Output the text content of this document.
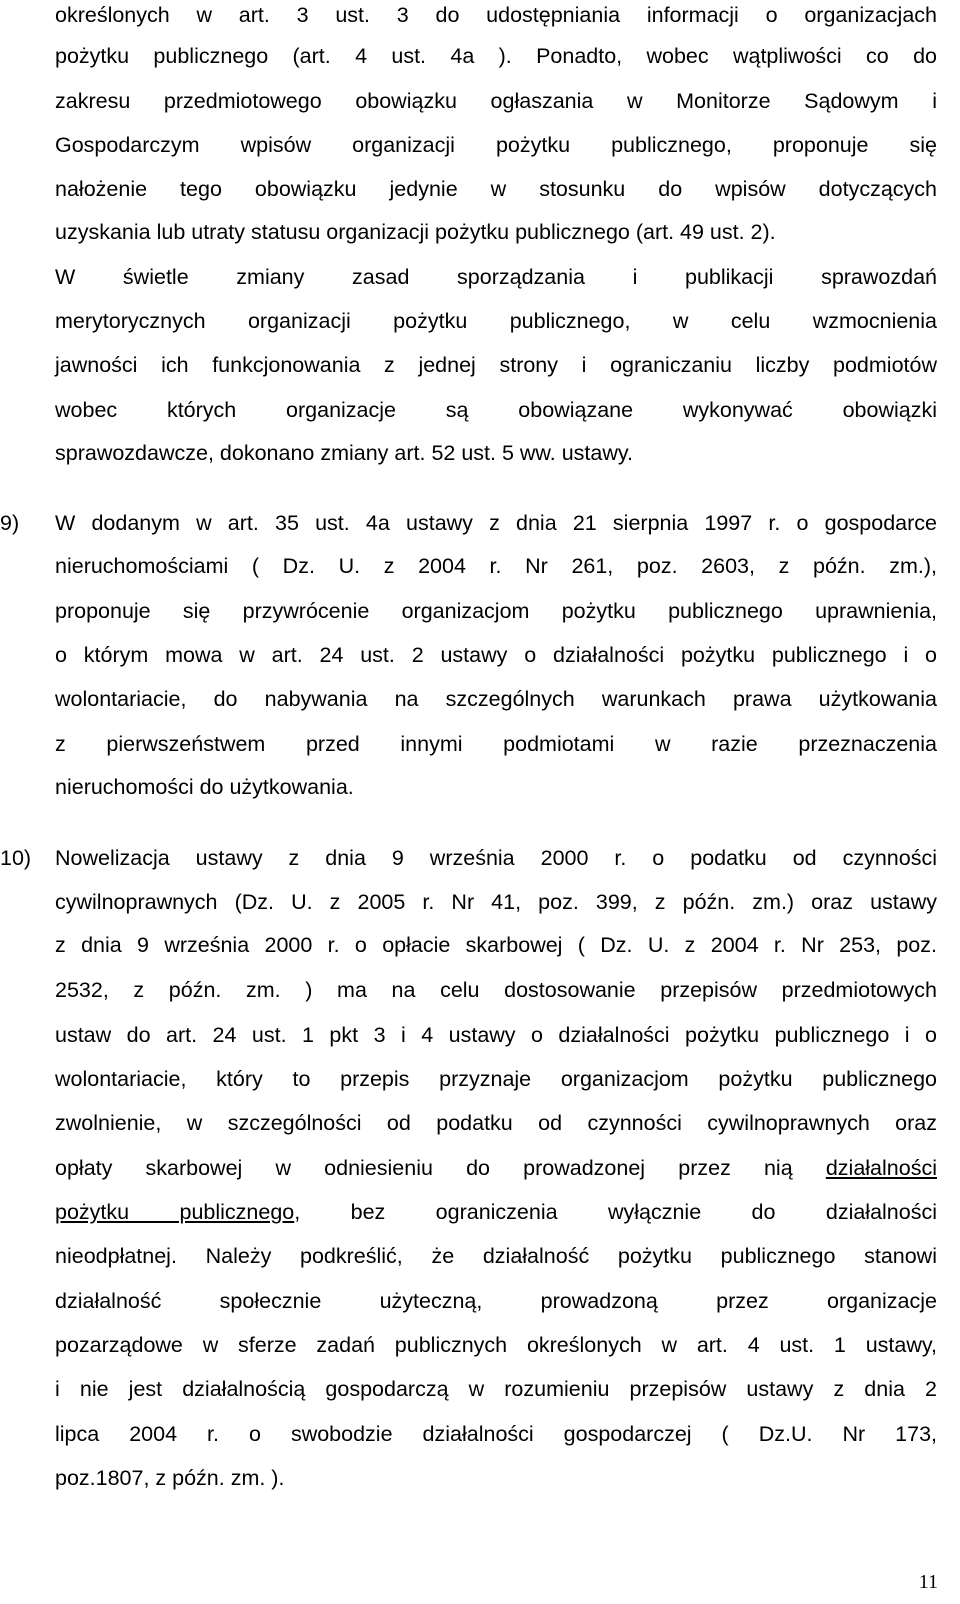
określonych w art. 3 ust. 3 do udostępniania informacji o organizacjach
pożytku publicznego (art. 4 ust. 4a ). Ponadto, wobec wątpliwości co do
zakresu przedmiotowego obowiązku ogłaszania w Monitorze Sądowym i
Gospodarczym wpisów organizacji pożytku publicznego, proponuje się
nałożenie tego obowiązku jedynie w stosunku do wpisów dotyczących
uzyskania lub utraty statusu organizacji pożytku publicznego (art. 49 ust. 2).
W świetle zmiany zasad sporządzania i publikacji sprawozdań
merytorycznych organizacji pożytku publicznego, w celu wzmocnienia
jawności ich funkcjonowania z jednej strony i ograniczaniu liczby podmiotów
wobec których organizacje są obowiązane wykonywać obowiązki
sprawozdawcze, dokonano zmiany art. 52 ust. 5 ww. ustawy.
9) W dodanym w art. 35 ust. 4a ustawy z dnia 21 sierpnia 1997 r. o gospodarce
nieruchomościami ( Dz. U. z 2004 r. Nr 261, poz. 2603, z późn. zm.),
proponuje się przywrócenie organizacjom pożytku publicznego uprawnienia,
o którym mowa w art. 24 ust. 2 ustawy o działalności pożytku publicznego i o
wolontariacie, do nabywania na szczególnych warunkach prawa użytkowania
z pierwszeństwem przed innymi podmiotami w razie przeznaczenia
nieruchomości do użytkowania.
10) Nowelizacja ustawy z dnia 9 września 2000 r. o podatku od czynności
cywilnoprawnych (Dz. U. z 2005 r. Nr 41, poz. 399, z późn. zm.) oraz ustawy
z dnia 9 września 2000 r. o opłacie skarbowej ( Dz. U. z 2004 r. Nr 253, poz.
2532, z późn. zm. ) ma na celu dostosowanie przepisów przedmiotowych
ustaw do art. 24 ust. 1 pkt 3 i 4 ustawy o działalności pożytku publicznego i o
wolontariacie, który to przepis przyznaje organizacjom pożytku publicznego
zwolnienie, w szczególności od podatku od czynności cywilnoprawnych oraz
opłaty skarbowej w odniesieniu do prowadzonej przez nią działalności
pożytku publicznego, bez ograniczenia wyłącznie do działalności
nieodpłatnej. Należy podkreślić, że działalność pożytku publicznego stanowi
działalność społecznie użyteczną, prowadzoną przez organizacje
pozarządowe w sferze zadań publicznych określonych w art. 4 ust. 1 ustawy,
i nie jest działalnością gospodarczą w rozumieniu przepisów ustawy z dnia 2
lipca 2004 r. o swobodzie działalności gospodarczej ( Dz.U. Nr 173,
poz.1807, z późn. zm. ).
11
